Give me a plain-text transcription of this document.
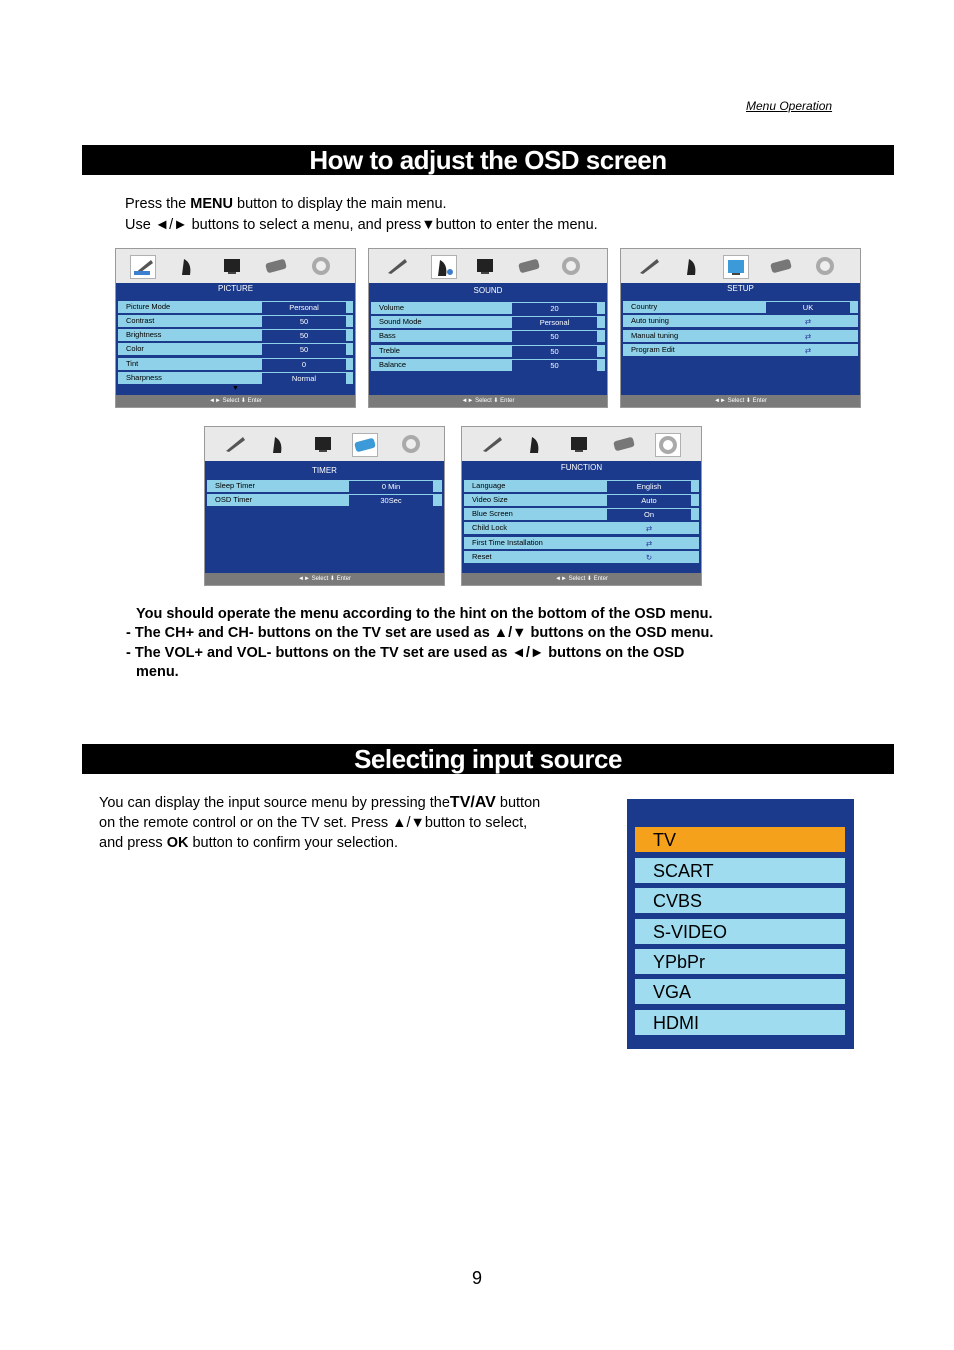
Menu Operation
How to adjust the OSD screen
Press the MENU button to display the main menu.
Use ◄/► buttons to select a menu, and press▼button to enter the menu.
PICTURE
Picture Mode	Personal
Contrast	50
Brightness	50
Color	50
Tint	0
Sharpness	Normal
▼
◄► Select ⬇ Enter
SOUND
Volume	20
Sound Mode	Personal
Bass	50
Treble	50
Balance	50
◄► Select ⬇ Enter
SETUP
Country	UK
Auto tuning	⇄
Manual tuning	⇄
Program Edit	⇄
◄► Select ⬇ Enter
TIMER
Sleep Timer	0 Min
OSD Timer	30Sec
◄► Select ⬇ Enter
FUNCTION
Language	English
Video Size	Auto
Blue Screen	On
Child Lock	⇄
First Time Installation	⇄
Reset	↻
◄► Select ⬇ Enter
You should operate the menu according to the hint on the bottom of the OSD menu.
- The CH+ and CH- buttons on the TV set are used as ▲/▼ buttons on the OSD menu.
- The VOL+ and VOL- buttons on the TV set are used as ◄/► buttons on the OSD
menu.
Selecting input source
You can display the input source menu by pressing theTV/AV button
on the remote control or on the TV set. Press ▲/▼button to select,
and press OK button to confirm your selection.	TV
SCART
CVBS
S-VIDEO
YPbPr
VGA
HDMI
9
